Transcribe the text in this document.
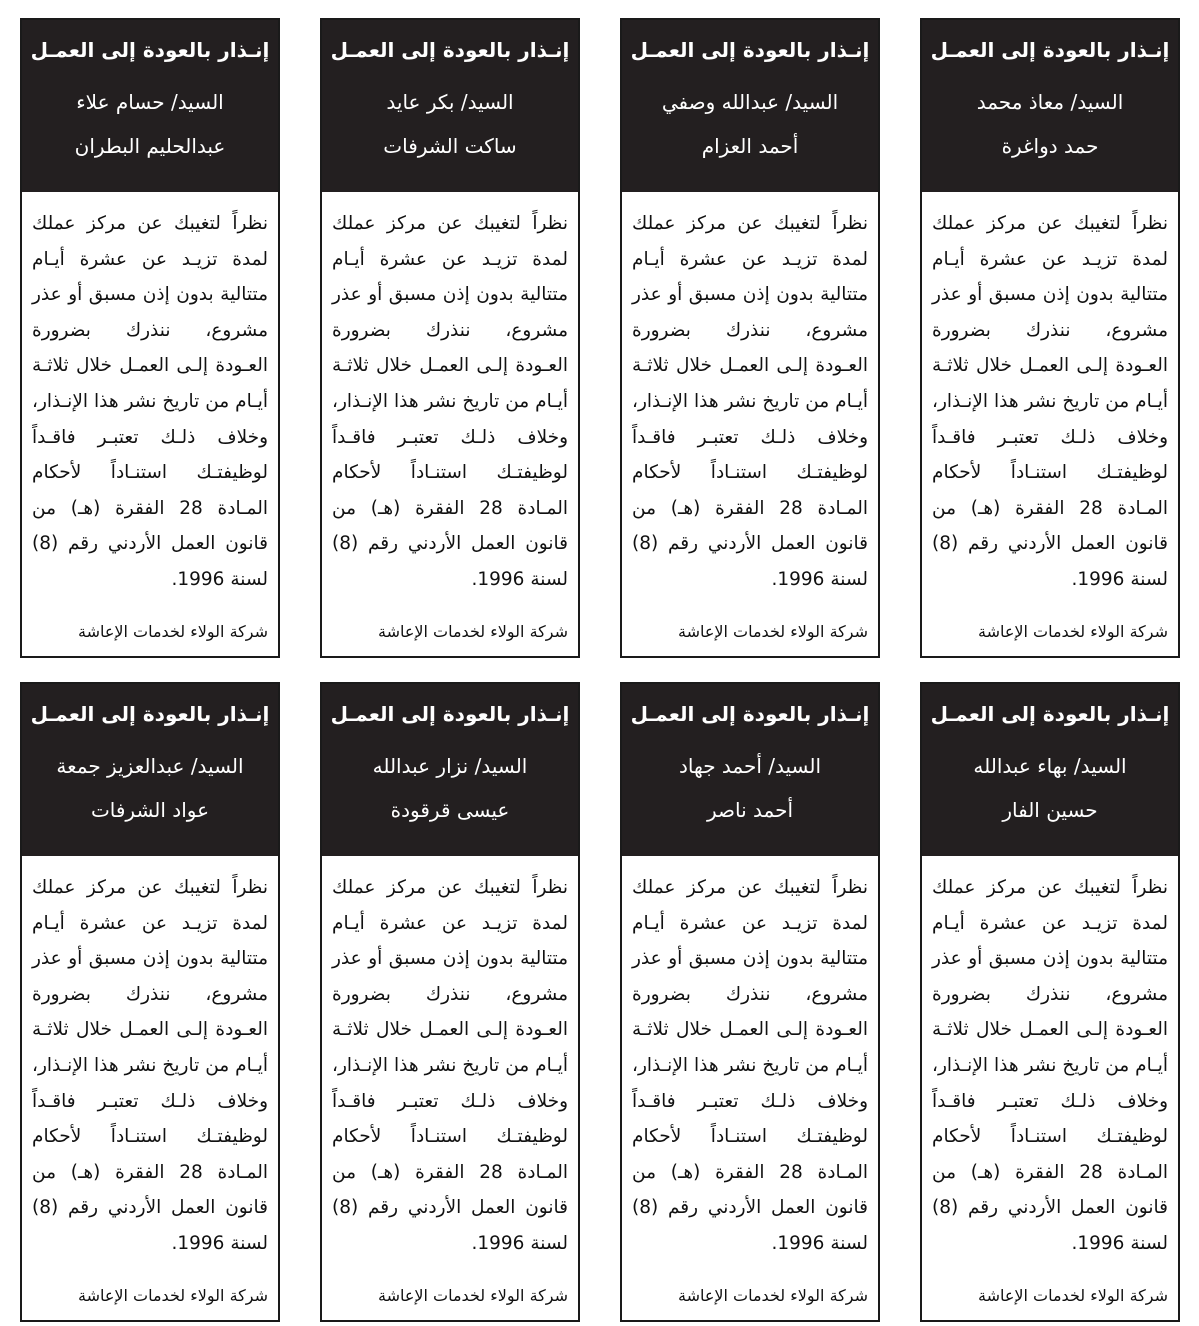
إنـذار بالعودة إلى العمـل
السيد/ معاذ محمد
حمد دواغرة
نظراً لتغيبك عن مركز عملك لمدة تزيـد عن عشرة أيـام متتالية بدون إذن مسبق أو عذر مشروع، ننذرك بضرورة العـودة إلـى العمـل خلال ثلاثـة أيـام من تاريخ نشر هذا الإنـذار، وخلاف ذلـك تعتبـر فاقـداً لوظيفتـك استنـاداً لأحكام المـادة 28 الفقرة (هـ) من قانون العمل الأردني رقم (8) لسنة 1996.
شركة الولاء لخدمات الإعاشة
إنـذار بالعودة إلى العمـل
السيد/ عبدالله وصفي
أحمد العزام
نظراً لتغيبك عن مركز عملك لمدة تزيـد عن عشرة أيـام متتالية بدون إذن مسبق أو عذر مشروع، ننذرك بضرورة العـودة إلـى العمـل خلال ثلاثـة أيـام من تاريخ نشر هذا الإنـذار، وخلاف ذلـك تعتبـر فاقـداً لوظيفتـك استنـاداً لأحكام المـادة 28 الفقرة (هـ) من قانون العمل الأردني رقم (8) لسنة 1996.
شركة الولاء لخدمات الإعاشة
إنـذار بالعودة إلى العمـل
السيد/ بكر عايد
ساكت الشرفات
نظراً لتغيبك عن مركز عملك لمدة تزيـد عن عشرة أيـام متتالية بدون إذن مسبق أو عذر مشروع، ننذرك بضرورة العـودة إلـى العمـل خلال ثلاثـة أيـام من تاريخ نشر هذا الإنـذار، وخلاف ذلـك تعتبـر فاقـداً لوظيفتـك استنـاداً لأحكام المـادة 28 الفقرة (هـ) من قانون العمل الأردني رقم (8) لسنة 1996.
شركة الولاء لخدمات الإعاشة
إنـذار بالعودة إلى العمـل
السيد/ حسام علاء
عبدالحليم البطران
نظراً لتغيبك عن مركز عملك لمدة تزيـد عن عشرة أيـام متتالية بدون إذن مسبق أو عذر مشروع، ننذرك بضرورة العـودة إلـى العمـل خلال ثلاثـة أيـام من تاريخ نشر هذا الإنـذار، وخلاف ذلـك تعتبـر فاقـداً لوظيفتـك استنـاداً لأحكام المـادة 28 الفقرة (هـ) من قانون العمل الأردني رقم (8) لسنة 1996.
شركة الولاء لخدمات الإعاشة
إنـذار بالعودة إلى العمـل
السيد/ بهاء عبدالله
حسين الفار
نظراً لتغيبك عن مركز عملك لمدة تزيـد عن عشرة أيـام متتالية بدون إذن مسبق أو عذر مشروع، ننذرك بضرورة العـودة إلـى العمـل خلال ثلاثـة أيـام من تاريخ نشر هذا الإنـذار، وخلاف ذلـك تعتبـر فاقـداً لوظيفتـك استنـاداً لأحكام المـادة 28 الفقرة (هـ) من قانون العمل الأردني رقم (8) لسنة 1996.
شركة الولاء لخدمات الإعاشة
إنـذار بالعودة إلى العمـل
السيد/ أحمد جهاد
أحمد ناصر
نظراً لتغيبك عن مركز عملك لمدة تزيـد عن عشرة أيـام متتالية بدون إذن مسبق أو عذر مشروع، ننذرك بضرورة العـودة إلـى العمـل خلال ثلاثـة أيـام من تاريخ نشر هذا الإنـذار، وخلاف ذلـك تعتبـر فاقـداً لوظيفتـك استنـاداً لأحكام المـادة 28 الفقرة (هـ) من قانون العمل الأردني رقم (8) لسنة 1996.
شركة الولاء لخدمات الإعاشة
إنـذار بالعودة إلى العمـل
السيد/ نزار عبدالله
عيسى قرقودة
نظراً لتغيبك عن مركز عملك لمدة تزيـد عن عشرة أيـام متتالية بدون إذن مسبق أو عذر مشروع، ننذرك بضرورة العـودة إلـى العمـل خلال ثلاثـة أيـام من تاريخ نشر هذا الإنـذار، وخلاف ذلـك تعتبـر فاقـداً لوظيفتـك استنـاداً لأحكام المـادة 28 الفقرة (هـ) من قانون العمل الأردني رقم (8) لسنة 1996.
شركة الولاء لخدمات الإعاشة
إنـذار بالعودة إلى العمـل
السيد/ عبدالعزيز جمعة
عواد الشرفات
نظراً لتغيبك عن مركز عملك لمدة تزيـد عن عشرة أيـام متتالية بدون إذن مسبق أو عذر مشروع، ننذرك بضرورة العـودة إلـى العمـل خلال ثلاثـة أيـام من تاريخ نشر هذا الإنـذار، وخلاف ذلـك تعتبـر فاقـداً لوظيفتـك استنـاداً لأحكام المـادة 28 الفقرة (هـ) من قانون العمل الأردني رقم (8) لسنة 1996.
شركة الولاء لخدمات الإعاشة
